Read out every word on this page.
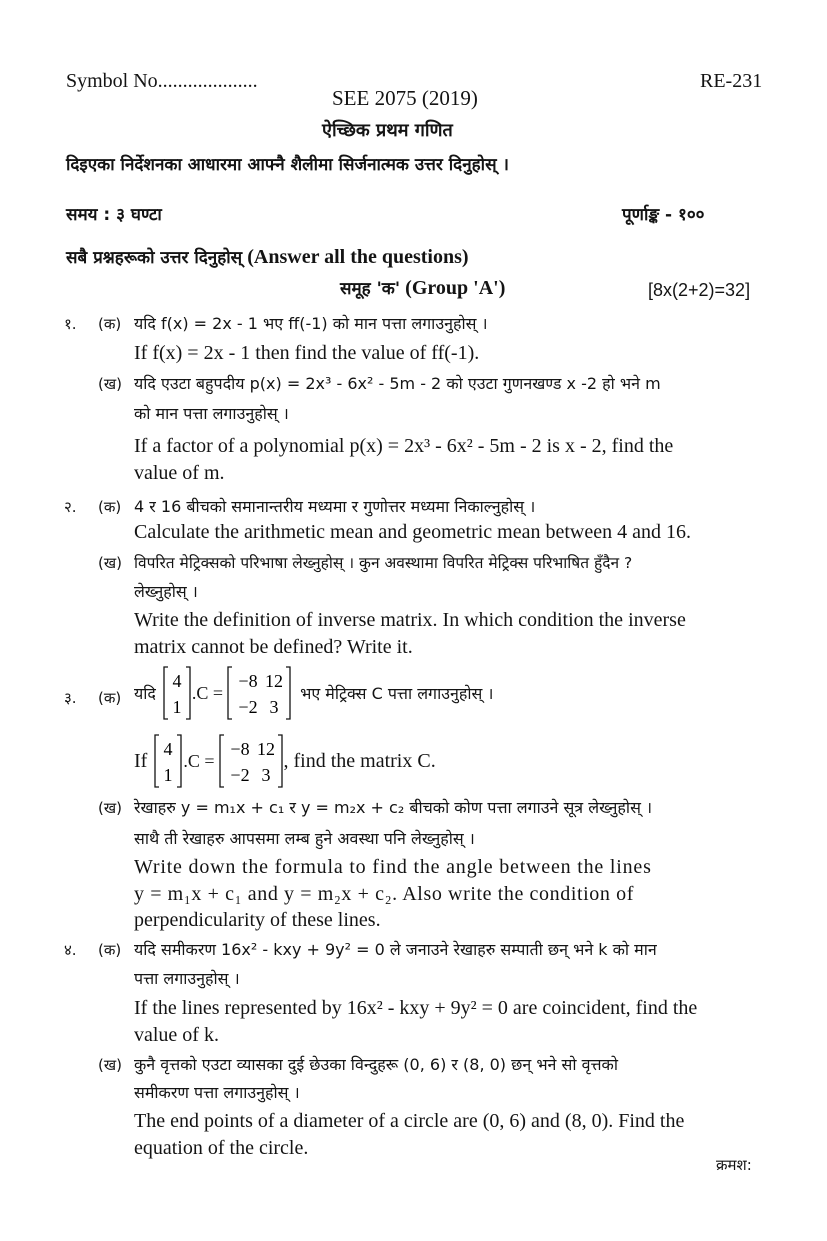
Symbol No....................	RE-231
SEE 2075 (2019)
ऐच्छिक प्रथम गणित
दिइएका निर्देशनका आधारमा आफ्नै शैलीमा सिर्जनात्मक उत्तर दिनुहोस् ।
समय : ३ घण्टा	पूर्णाङ्क - १००
सबै प्रश्नहरूको उत्तर दिनुहोस् (Answer all the questions)
समूह 'क' (Group 'A')	[8x(2+2)=32]
१. (क) यदि f(x) = 2x - 1 भए ff(-1) को मान पत्ता लगाउनुहोस् ।
If f(x) = 2x - 1 then find the value of ff(-1).
(ख) यदि एउटा बहुपदीय p(x) = 2x³ - 6x² - 5m - 2 को एउटा गुणनखण्ड x -2 हो भने m
को मान पत्ता लगाउनुहोस् ।
If a factor of a polynomial p(x) = 2x³ - 6x² - 5m - 2 is x - 2, find the
value of m.
२. (क) 4 र 16 बीचको समानान्तरीय मध्यमा र गुणोत्तर मध्यमा निकाल्नुहोस् ।
Calculate the arithmetic mean and geometric mean between 4 and 16.
(ख) विपरित मेट्रिक्सको परिभाषा लेख्नुहोस् । कुन अवस्थामा विपरित मेट्रिक्स परिभाषित हुँदैन ?
लेख्नुहोस् ।
Write the definition of inverse matrix. In which condition the inverse
matrix cannot be defined? Write it.
३. (क) यदि
4
1
.C =
−8 12
−2 3
भए मेट्रिक्स C पत्ता लगाउनुहोस् ।
If
4
1
.C =
−8 12
−2 3
, find the matrix C.
(ख) रेखाहरु y = m₁x + c₁ र y = m₂x + c₂ बीचको कोण पत्ता लगाउने सूत्र लेख्नुहोस् ।
साथै ती रेखाहरु आपसमा लम्ब हुने अवस्था पनि लेख्नुहोस् ।
Write down the formula to find the angle between the lines
y = m₁x + c₁ and y = m₂x + c₂. Also write the condition of
perpendicularity of these lines.
४. (क) यदि समीकरण 16x² - kxy + 9y² = 0 ले जनाउने रेखाहरु सम्पाती छन् भने k को मान
पत्ता लगाउनुहोस् ।
If the lines represented by 16x² - kxy + 9y² = 0 are coincident, find the
value of k.
(ख) कुनै वृत्तको एउटा व्यासका दुई छेउका विन्दुहरू (0, 6) र (8, 0) छन् भने सो वृत्तको
समीकरण पत्ता लगाउनुहोस् ।
The end points of a diameter of a circle are (0, 6) and (8, 0). Find the
equation of the circle.
क्रमश:
